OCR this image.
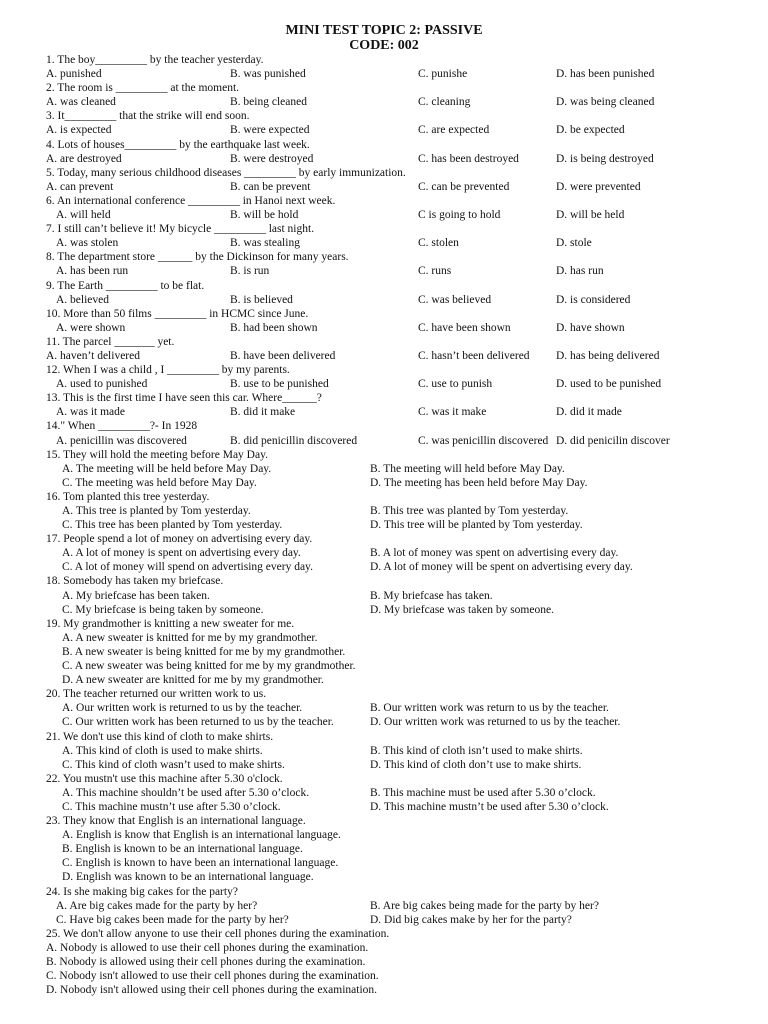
MINI TEST TOPIC 2: PASSIVE
CODE: 002
1. The boy_________ by the teacher yesterday.
A. punished	B. was punished	C. punishe	D. has been punished
2. The room is _________ at the moment.
A. was cleaned	B. being cleaned	C. cleaning	D. was being cleaned
3. It_________ that the strike will end soon.
A. is expected	B. were expected	C. are expected	D. be expected
4. Lots of houses_________ by the earthquake last week.
A. are destroyed	B. were destroyed	C. has been destroyed	D. is being destroyed
5. Today, many serious childhood diseases _________ by early immunization.
A. can prevent	B. can be prevent	C. can be prevented	D. were prevented
6. An international conference _________ in Hanoi next week.
A. will held	B. will be hold	C is going to hold	D. will be held
7. I still can’t believe it! My bicycle _________ last night.
A. was stolen	B. was stealing	C. stolen	D. stole
8. The department store ______ by the Dickinson for many years.
A. has been run	B. is run	C. runs	D. has run
9. The Earth _________ to be flat.
A. believed	B. is believed	C. was believed	D. is considered
10. More than 50 films _________ in HCMC since June.
A. were shown	B. had been shown	C. have been shown	D. have shown
11. The parcel _______ yet.
A. haven’t delivered	B. have been delivered	C. hasn’t been delivered D. has being delivered
12. When I was a child , I _________ by my parents.
A. used to punished	B. use to be punished	C. use to punish	D. used to be punished
13. This is the first time I have seen this car. Where______?
A. was it made	B. did it make	C. was it make	D. did it made
14." When _________?- In 1928
A. penicillin was discovered	B. did penicillin discovered	C. was penicillin discovered D. did penicilin discover
15. They will hold the meeting before May Day.
A. The meeting will be held before May Day.	B. The meeting will held before May Day.
C. The meeting was held before May Day.	D. The meeting has been held before May Day.
16. Tom planted this tree yesterday.
A. This tree is planted by Tom yesterday.	B. This tree was planted by Tom yesterday.
C. This tree has been planted by Tom yesterday.	D. This tree will be planted by Tom yesterday.
17. People spend a lot of money on advertising every day.
A. A lot of money is spent on advertising every day.	B. A lot of money was spent on advertising every day.
C. A lot of money will spend on advertising every day.	D. A lot of money will be spent on advertising every day.
18. Somebody has taken my briefcase.
A. My briefcase has been taken.	B. My briefcase has taken.
C. My briefcase is being taken by someone.	D. My briefcase was taken by someone.
19. My grandmother is knitting a new sweater for me.
A. A new sweater is knitted for me by my grandmother.
B. A new sweater is being knitted for me by my grandmother.
C. A new sweater was being knitted for me by my grandmother.
D. A new sweater are knitted for me by my grandmother.
20. The teacher returned our written work to us.
A. Our written work is returned to us by the teacher.	B. Our written work was return to us by the teacher.
C. Our written work has been returned to us by the teacher.	D. Our written work was returned to us by the teacher.
21. We don't use this kind of cloth to make shirts.
A. This kind of cloth is used to make shirts.	B. This kind of cloth isn’t used to make shirts.
C. This kind of cloth wasn’t used to make shirts.	D. This kind of cloth don’t use to make shirts.
22. You mustn't use this machine after 5.30 o'clock.
A. This machine shouldn’t be used after 5.30 o’clock.	B. This machine must be used after 5.30 o’clock.
C. This machine mustn’t use after 5.30 o’clock.	D. This machine mustn’t be used after 5.30 o’clock.
23. They know that English is an international language.
A. English is know that English is an international language.
B. English is known to be an international language.
C. English is known to have been an international language.
D. English was known to be an international language.
24. Is she making big cakes for the party?
A. Are big cakes made for the party by her?	B. Are big cakes being made for the party by her?
C. Have big cakes been made for the party by her?	D. Did big cakes make by her for the party?
25. We don't allow anyone to use their cell phones during the examination.
A. Nobody is allowed to use their cell phones during the examination.
B. Nobody is allowed using their cell phones during the examination.
C. Nobody isn't allowed to use their cell phones during the examination.
D. Nobody isn't allowed using their cell phones during the examination.
